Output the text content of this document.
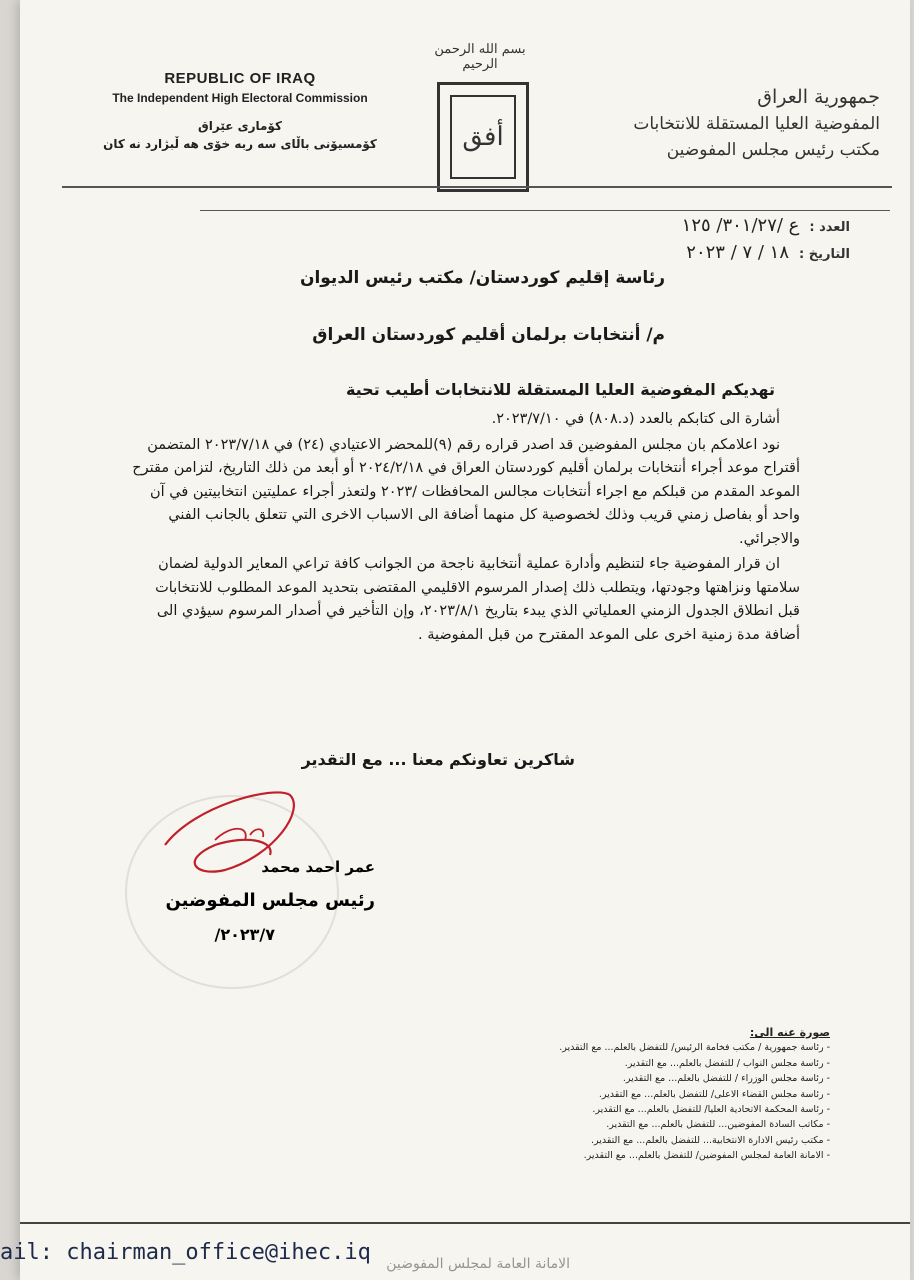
REPUBLIC OF IRAQ
The Independent High Electoral Commission
كۆماری عێراق
كۆمسیۆنی باڵای سه ربه خۆی هه ڵبژارد نه كان
بسم الله الرحمن الرحيم
أفق
جمهورية العراق
المفوضية العليا المستقلة للانتخابات
مكتب رئيس مجلس المفوضين
العدد :ع /٣٠١/٢٧/ ١٢٥
التاريخ :١٨ / ٧ / ٢٠٢٣
رئاسة إقليم كوردستان/ مكتب رئيس الديوان
م/ أنتخابات برلمان أقليم كوردستان العراق
تهديكم المفوضية العليا المستقلة للانتخابات أطيب تحية

أشارة الى كتابكم بالعدد (د.٨٠٨) في ٢٠٢٣/٧/١٠.

نود اعلامكم بان مجلس المفوضين قد اصدر قراره رقم (٩)للمحضر الاعتيادي (٢٤) في ٢٠٢٣/٧/١٨ المتضمن أقتراح موعد أجراء أنتخابات برلمان أقليم كوردستان العراق في ٢٠٢٤/٢/١٨ أو أبعد من ذلك التاريخ، لتزامن مقترح الموعد المقدم من قبلكم مع اجراء أنتخابات مجالس المحافظات /٢٠٢٣ ولتعذر أجراء عمليتين انتخابيتين في آن واحد أو بفاصل زمني قريب وذلك لخصوصية كل منهما أضافة الى الاسباب الاخرى التي تتعلق بالجانب الفني والاجرائي.

ان قرار المفوضية جاء لتنظيم وأدارة عملية أنتخابية ناجحة من الجوانب كافة تراعي المعاير الدولية لضمان سلامتها ونزاهتها وجودتها، ويتطلب ذلك إصدار المرسوم الاقليمي المقتضى بتحديد الموعد المطلوب للانتخابات قبل انطلاق الجدول الزمني العملياتي الذي يبدء بتاريخ ٢٠٢٣/٨/١، وإن التأخير في أصدار المرسوم سيؤدي الى أضافة مدة زمنية اخرى على الموعد المقترح من قبل المفوضية .

شاكرين تعاونكم معنا ... مع التقدير
عمر احمد محمد
رئيس مجلس المفوضين
٢٠٢٣/٧/
صورة عنه الى:
- رئاسة جمهورية / مكتب فخامة الرئيس/ للتفضل بالعلم... مع التقدير.
- رئاسة مجلس النواب / للتفضل بالعلم... مع التقدير.
- رئاسة مجلس الوزراء / للتفضل بالعلم... مع التقدير.
- رئاسة مجلس القضاء الاعلى/ للتفضل بالعلم... مع التقدير.
- رئاسة المحكمة الاتحادية العليا/ للتفضل بالعلم... مع التقدير.
- مكاتب السادة المفوضين... للتفضل بالعلم... مع التقدير.
- مكتب رئيس الادارة الانتخابية... للتفضل بالعلم... مع التقدير.
- الامانة العامة لمجلس المفوضين/ للتفضل بالعلم... مع التقدير.
الامانة العامة لمجلس المفوضين
ail: chairman_office@ihec.iq
